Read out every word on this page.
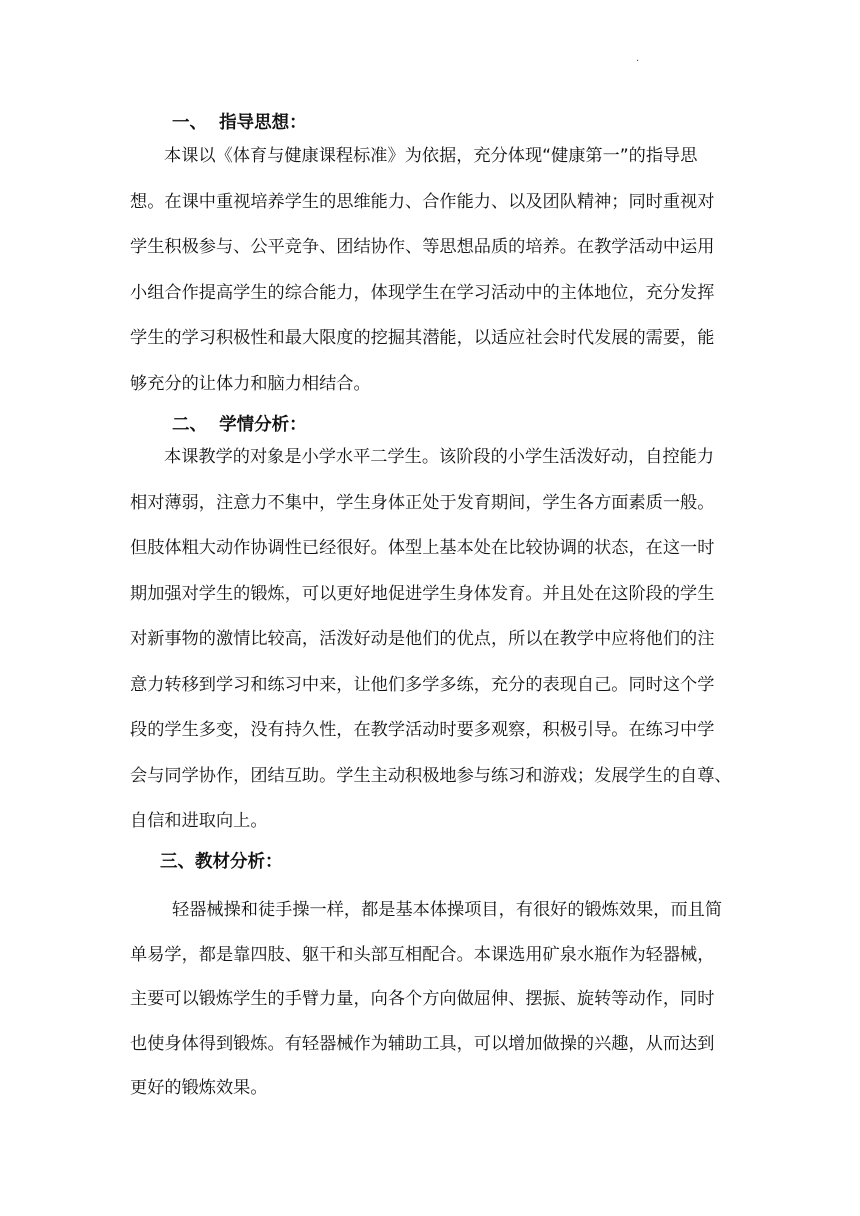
·
一、  指导思想：
本课以《体育与健康课程标准》为依据，充分体现“健康第一”的指导思
想。在课中重视培养学生的思维能力、合作能力、以及团队精神；同时重视对
学生积极参与、公平竞争、团结协作、等思想品质的培养。在教学活动中运用
小组合作提高学生的综合能力，体现学生在学习活动中的主体地位，充分发挥
学生的学习积极性和最大限度的挖掘其潜能，以适应社会时代发展的需要，能
够充分的让体力和脑力相结合。
二、  学情分析：
本课教学的对象是小学水平二学生。该阶段的小学生活泼好动，自控能力
相对薄弱，注意力不集中，学生身体正处于发育期间，学生各方面素质一般。
但肢体粗大动作协调性已经很好。体型上基本处在比较协调的状态，在这一时
期加强对学生的锻炼，可以更好地促进学生身体发育。并且处在这阶段的学生
对新事物的激情比较高，活泼好动是他们的优点，所以在教学中应将他们的注
意力转移到学习和练习中来，让他们多学多练，充分的表现自己。同时这个学
段的学生多变，没有持久性，在教学活动时要多观察，积极引导。在练习中学
会与同学协作，团结互助。学生主动积极地参与练习和游戏；发展学生的自尊、
自信和进取向上。
三、教材分析：
轻器械操和徒手操一样，都是基本体操项目，有很好的锻炼效果，而且简
单易学，都是靠四肢、躯干和头部互相配合。本课选用矿泉水瓶作为轻器械，
主要可以锻炼学生的手臂力量，向各个方向做屈伸、摆振、旋转等动作，同时
也使身体得到锻炼。有轻器械作为辅助工具，可以增加做操的兴趣，从而达到
更好的锻炼效果。
